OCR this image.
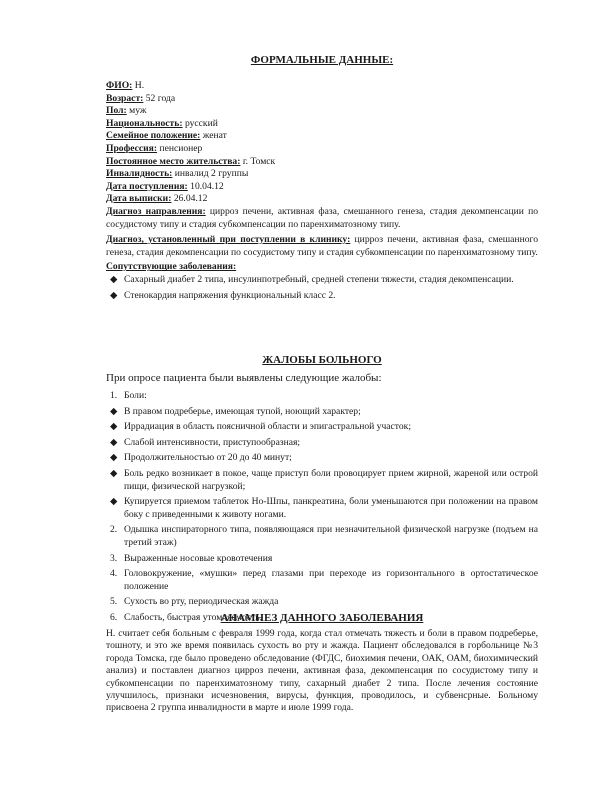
ФОРМАЛЬНЫЕ ДАННЫЕ:
ФИО: Н.
Возраст: 52 года
Пол: муж
Национальность: русский
Семейное положение: женат
Профессия: пенсионер
Постоянное место жительства: г. Томск
Инвалидность: инвалид 2 группы
Дата поступления: 10.04.12
Дата выписки: 26.04.12
Диагноз направления: цирроз печени, активная фаза, смешанного генеза, стадия декомпенсации по сосудистому типу и стадия субкомпенсации по паренхиматозному типу.
Диагноз, установленный при поступлении в клинику: цирроз печени, активная фаза, смешанного генеза, стадия декомпенсации по сосудистому типу и стадия субкомпенсации по паренхиматозному типу.
Сопутствующие заболевания:
◆ Сахарный диабет 2 типа, инсулинпотребный, средней степени тяжести, стадия декомпенсации.
◆ Стенокардия напряжения функциональный класс 2.
ЖАЛОБЫ БОЛЬНОГО
При опросе пациента были выявлены следующие жалобы:
1. Боли:
◆ В правом подреберье, имеющая тупой, ноющий характер;
◆ Иррадиация в область поясничной области и эпигастральной участок;
◆ Слабой интенсивности, приступообразная;
◆ Продолжительностью от 20 до 40 минут;
◆ Боль редко возникает в покое, чаще приступ боли провоцирует прием жирной, жареной или острой пищи, физической нагрузкой;
◆ Купируется приемом таблеток Но-Шпы, панкреатина, боли уменьшаются при положении на правом боку с приведенными к животу ногами.
2. Одышка инспираторного типа, появляющаяся при незначительной физической нагрузке (подъем на третий этаж)
3. Выраженные носовые кровотечения
4. Головокружение, «мушки» перед глазами при переходе из горизонтального в ортостатическое положение
5. Сухость во рту, периодическая жажда
6. Слабость, быстрая утомляемость.
АНАМНЕЗ ДАННОГО ЗАБОЛЕВАНИЯ
Н. считает себя больным с февраля 1999 года, когда стал отмечать тяжесть и боли в правом подреберье, тошноту, и это же время появилась сухость во рту и жажда. Пациент обследовался в горбольнице №3 города Томска, где было проведено обследование (ФГДС, биохимия печени, ОАК, ОАМ, биохимический анализ) и поставлен диагноз цирроз печени, активная фаза, декомпенсация по сосудистому типу и субкомпенсации по паренхиматозному типу, сахарный диабет 2 типа. После лечения состояние улучшилось, признаки исчезновения, вирусы, функция, проводилось, и субвенсрные. Больному присвоена 2 группа инвалидности в марте и июле 1999 года.
